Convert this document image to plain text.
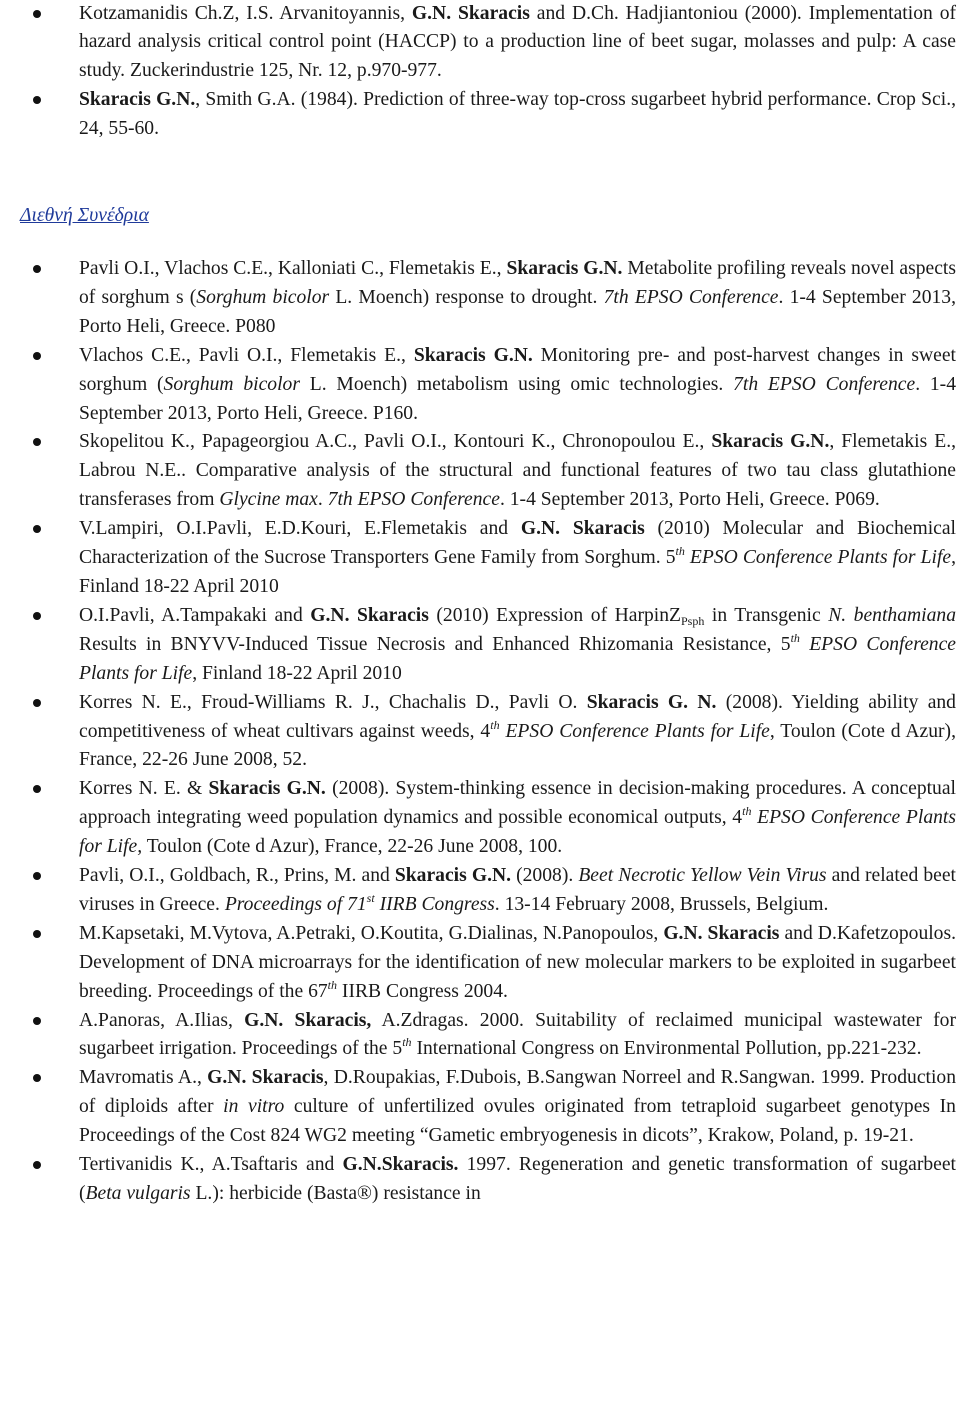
Kotzamanidis Ch.Z, I.S. Arvanitoyannis, G.N. Skaracis and D.Ch. Hadjiantoniou (2000). Implementation of hazard analysis critical control point (HACCP) to a production line of beet sugar, molasses and pulp: A case study. Zuckerindustrie 125, Nr. 12, p.970-977.
Skaracis G.N., Smith G.A. (1984). Prediction of three-way top-cross sugarbeet hybrid performance. Crop Sci., 24, 55-60.
Διεθνή Συνέδρια
Pavli O.I., Vlachos C.E., Kalloniati C., Flemetakis E., Skaracis G.N. Metabolite profiling reveals novel aspects of sorghum s (Sorghum bicolor L. Moench) response to drought. 7th EPSO Conference. 1-4 September 2013, Porto Heli, Greece. P080
Vlachos C.E., Pavli O.I., Flemetakis E., Skaracis G.N. Monitoring pre- and post-harvest changes in sweet sorghum (Sorghum bicolor L. Moench) metabolism using omic technologies. 7th EPSO Conference. 1-4 September 2013, Porto Heli, Greece. P160.
Skopelitou K., Papageorgiou A.C., Pavli O.I., Kontouri K., Chronopoulou E., Skaracis G.N., Flemetakis E., Labrou N.E.. Comparative analysis of the structural and functional features of two tau class glutathione transferases from Glycine max. 7th EPSO Conference. 1-4 September 2013, Porto Heli, Greece. P069.
V.Lampiri, O.I.Pavli, E.D.Kouri, E.Flemetakis and G.N. Skaracis (2010) Molecular and Biochemical Characterization of the Sucrose Transporters Gene Family from Sorghum. 5th EPSO Conference Plants for Life, Finland 18-22 April 2010
O.I.Pavli, A.Tampakaki and G.N. Skaracis (2010) Expression of HarpinZ$_{Psph}$ in Transgenic N. benthamiana Results in BNYVV-Induced Tissue Necrosis and Enhanced Rhizomania Resistance, 5th EPSO Conference Plants for Life, Finland 18-22 April 2010
Korres N. E., Froud-Williams R. J., Chachalis D., Pavli O. Skaracis G. N. (2008). Yielding ability and competitiveness of wheat cultivars against weeds, 4th EPSO Conference Plants for Life, Toulon (Cote d Azur), France, 22-26 June 2008, 52.
Korres N. E. & Skaracis G.N. (2008). System-thinking essence in decision-making procedures. A conceptual approach integrating weed population dynamics and possible economical outputs, 4th EPSO Conference Plants for Life, Toulon (Cote d Azur), France, 22-26 June 2008, 100.
Pavli, O.I., Goldbach, R., Prins, M. and Skaracis G.N. (2008). Beet Necrotic Yellow Vein Virus and related beet viruses in Greece. Proceedings of 71st IIRB Congress. 13-14 February 2008, Brussels, Belgium.
M.Kapsetaki, M.Vytova, A.Petraki, O.Koutita, G.Dialinas, N.Panopoulos, G.N. Skaracis and D.Kafetzopoulos. Development of DNA microarrays for the identification of new molecular markers to be exploited in sugarbeet breeding. Proceedings of the 67th IIRB Congress 2004.
A.Panoras, A.Ilias, G.N. Skaracis, A.Zdragas. 2000. Suitability of reclaimed municipal wastewater for sugarbeet irrigation. Proceedings of the 5th International Congress on Environmental Pollution, pp.221-232.
Mavromatis A., G.N. Skaracis, D.Roupakias, F.Dubois, B.Sangwan Norreel and R.Sangwan. 1999. Production of diploids after in vitro culture of unfertilized ovules originated from tetraploid sugarbeet genotypes In Proceedings of the Cost 824 WG2 meeting “Gametic embryogenesis in dicots”, Krakow, Poland, p. 19-21.
Tertivanidis K., A.Tsaftaris and G.N.Skaracis. 1997. Regeneration and genetic transformation of sugarbeet (Beta vulgaris L.): herbicide (Basta®) resistance in
